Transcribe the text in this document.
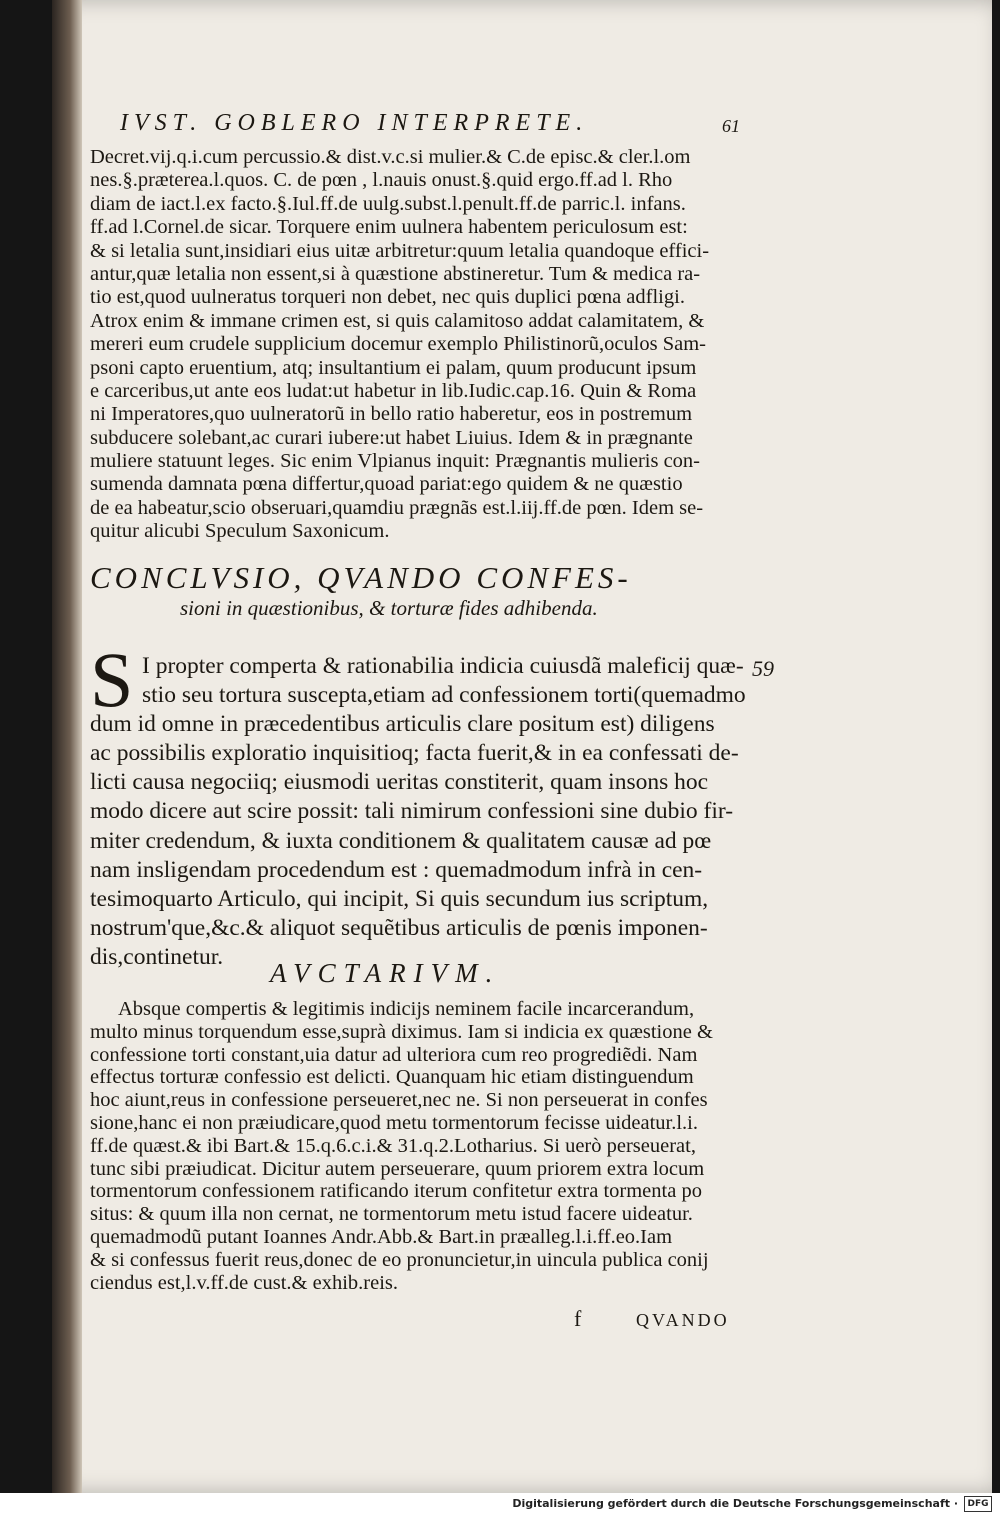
IVST. GOBLERO INTERPRETE.	61
Decret.vij.q.i.cum percussio.& dist.v.c.si mulier.& C.de episc.& cler.l.om
nes.§.præterea.l.quos. C. de pœn , l.nauis onust.§.quid ergo.ff.ad l. Rho
diam de iact.l.ex facto.§.Iul.ff.de uulg.subst.l.penult.ff.de parric.l. infans.
ff.ad l.Cornel.de sicar. Torquere enim uulnera habentem periculosum est:
& si letalia sunt,insidiari eius uitæ arbitretur:quum letalia quandoque effici-
antur,quæ letalia non essent,si à quæstione abstineretur. Tum & medica ra-
tio est,quod uulneratus torqueri non debet, nec quis duplici pœna adfligi.
Atrox enim & immane crimen est, si quis calamitoso addat calamitatem, &
mereri eum crudele supplicium docemur exemplo Philistinorũ,oculos Sam-
psoni capto eruentium, atq; insultantium ei palam, quum producunt ipsum
e carceribus,ut ante eos ludat:ut habetur in lib.Iudic.cap.16. Quin & Roma
ni Imperatores,quo uulneratorũ in bello ratio haberetur, eos in postremum
subducere solebant,ac curari iubere:ut habet Liuius. Idem & in prægnante
muliere statuunt leges. Sic enim Vlpianus inquit: Prægnantis mulieris con-
sumenda damnata pœna differtur,quoad pariat:ego quidem & ne quæstio
de ea habeatur,scio obseruari,quamdiu prægnãs est.l.iij.ff.de pœn. Idem se-
quitur alicubi Speculum Saxonicum.
CONCLVSIO, QVANDO CONFES-
sioni in quæstionibus, & torturæ fides adhibenda.
S	59
I propter comperta & rationabilia indicia cuiusdã maleficij quæ-
stio seu tortura suscepta,etiam ad confessionem torti(quemadmo
dum id omne in præcedentibus articulis clare positum est) diligens
ac possibilis exploratio inquisitioq; facta fuerit,& in ea confessati de-
licti causa negociiq; eiusmodi ueritas constiterit, quam insons hoc
modo dicere aut scire possit: tali nimirum confessioni sine dubio fir-
miter credendum, & iuxta conditionem & qualitatem causæ ad pœ
nam insligendam procedendum est : quemadmodum infrà in cen-
tesimoquarto Articulo, qui incipit, Si quis secundum ius scriptum,
nostrum'que,&c.& aliquot sequẽtibus articulis de pœnis imponen-
dis,continetur.
AVCTARIVM.
Absque compertis & legitimis indicijs neminem facile incarcerandum,
multo minus torquendum esse,suprà diximus. Iam si indicia ex quæstione &
confessione torti constant,uia datur ad ulteriora cum reo progrediẽdi. Nam
effectus torturæ confessio est delicti. Quanquam hic etiam distinguendum
hoc aiunt,reus in confessione perseueret,nec ne. Si non perseuerat in confes
sione,hanc ei non præiudicare,quod metu tormentorum fecisse uideatur.l.i.
ff.de quæst.& ibi Bart.& 15.q.6.c.i.& 31.q.2.Lotharius. Si uerò perseuerat,
tunc sibi præiudicat. Dicitur autem perseuerare, quum priorem extra locum
tormentorum confessionem ratificando iterum confitetur extra tormenta po
situs: & quum illa non cernat, ne tormentorum metu istud facere uideatur.
quemadmodũ putant Ioannes Andr.Abb.& Bart.in præalleg.l.i.ff.eo.Iam
& si confessus fuerit reus,donec de eo pronuncietur,in uincula publica conij
ciendus est,l.v.ff.de cust.& exhib.reis.
f	QVANDO
Digitalisierung gefördert durch die Deutsche Forschungsgemeinschaft ·	DFG
